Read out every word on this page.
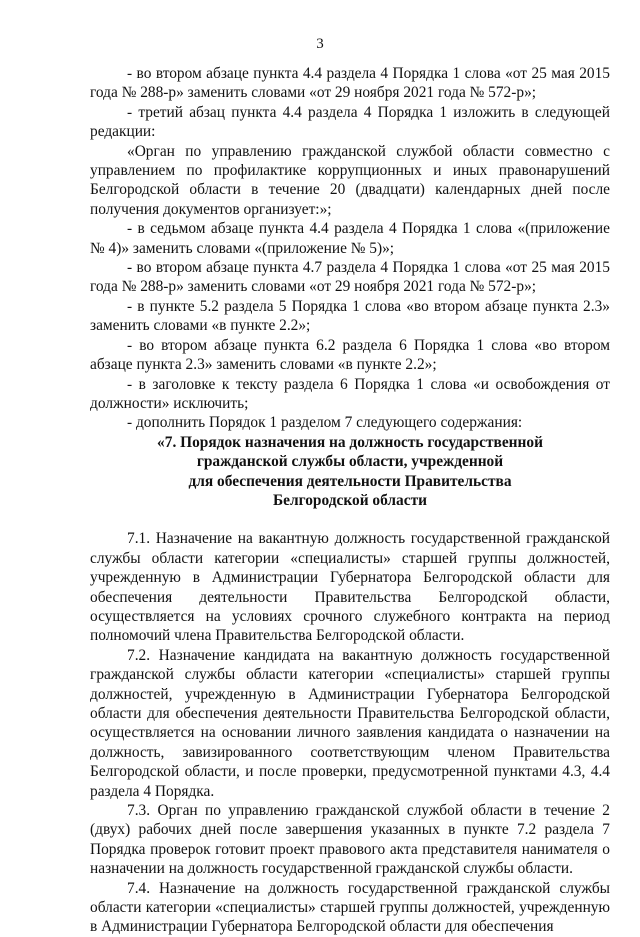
3

- во втором абзаце пункта 4.4 раздела 4 Порядка 1 слова «от 25 мая 2015 года № 288-р» заменить словами «от 29 ноября 2021 года № 572-р»;

- третий абзац пункта 4.4 раздела 4 Порядка 1 изложить в следующей редакции:

«Орган по управлению гражданской службой области совместно с управлением по профилактике коррупционных и иных правонарушений Белгородской области в течение 20 (двадцати) календарных дней после получения документов организует:»;

- в седьмом абзаце пункта 4.4 раздела 4 Порядка 1 слова «(приложение № 4)» заменить словами «(приложение № 5)»;

- во втором абзаце пункта 4.7 раздела 4 Порядка 1 слова «от 25 мая 2015 года № 288-р» заменить словами «от 29 ноября 2021 года № 572-р»;

- в пункте 5.2 раздела 5 Порядка 1 слова «во втором абзаце пункта 2.3» заменить словами «в пункте 2.2»;

- во втором абзаце пункта 6.2 раздела 6 Порядка 1 слова «во втором абзаце пункта 2.3» заменить словами «в пункте 2.2»;

- в заголовке к тексту раздела 6 Порядка 1 слова «и освобождения от должности» исключить;

- дополнить Порядок 1 разделом 7 следующего содержания:

«7. Порядок назначения на должность государственной

гражданской службы области, учрежденной

для обеспечения деятельности Правительства

Белгородской области

7.1. Назначение на вакантную должность государственной гражданской службы области категории «специалисты» старшей группы должностей, учрежденную в Администрации Губернатора Белгородской области для обеспечения деятельности Правительства Белгородской области, осуществляется на условиях срочного служебного контракта на период полномочий члена Правительства Белгородской области.

7.2. Назначение кандидата на вакантную должность государственной гражданской службы области категории «специалисты» старшей группы должностей, учрежденную в Администрации Губернатора Белгородской области для обеспечения деятельности Правительства Белгородской области, осуществляется на основании личного заявления кандидата о назначении на должность, завизированного соответствующим членом Правительства Белгородской области, и после проверки, предусмотренной пунктами 4.3, 4.4 раздела 4 Порядка.

7.3. Орган по управлению гражданской службой области в течение 2 (двух) рабочих дней после завершения указанных в пункте 7.2 раздела 7 Порядка проверок готовит проект правового акта представителя нанимателя о назначении на должность государственной гражданской службы области.

7.4. Назначение на должность государственной гражданской службы области категории «специалисты» старшей группы должностей, учрежденную в Администрации Губернатора Белгородской области для обеспечения
